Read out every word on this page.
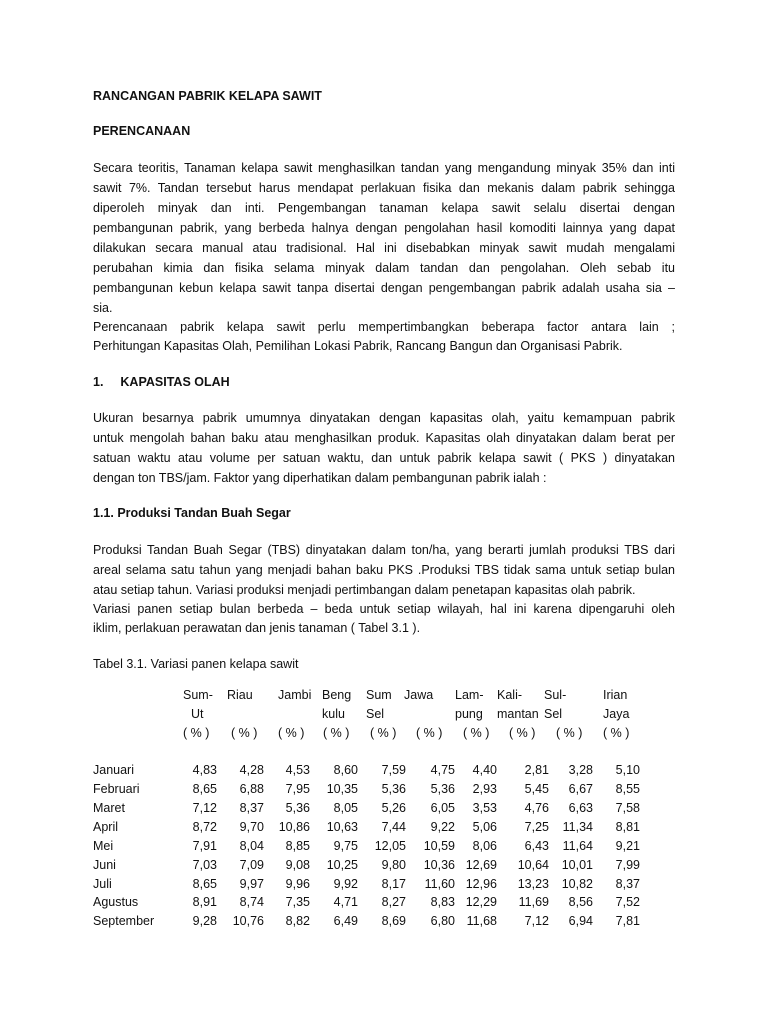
RANCANGAN PABRIK KELAPA SAWIT
PERENCANAAN
Secara teoritis, Tanaman kelapa sawit menghasilkan tandan yang mengandung minyak 35% dan inti
sawit 7%. Tandan tersebut harus mendapat perlakuan fisika dan mekanis dalam pabrik sehingga
diperoleh minyak dan inti. Pengembangan tanaman kelapa sawit selalu disertai dengan
pembangunan pabrik, yang berbeda halnya dengan pengolahan hasil komoditi lainnya yang dapat
dilakukan secara manual atau tradisional. Hal ini disebabkan minyak sawit mudah mengalami
perubahan kimia dan fisika selama minyak dalam tandan dan pengolahan. Oleh sebab itu
pembangunan kebun kelapa sawit tanpa disertai dengan pengembangan pabrik adalah usaha sia –
sia.
Perencanaan pabrik kelapa sawit perlu mempertimbangkan beberapa factor antara lain ;
Perhitungan Kapasitas Olah, Pemilihan Lokasi Pabrik, Rancang Bangun dan Organisasi Pabrik.
1. KAPASITAS OLAH
Ukuran besarnya pabrik umumnya dinyatakan dengan kapasitas olah, yaitu kemampuan pabrik
untuk mengolah bahan baku atau menghasilkan produk. Kapasitas olah dinyatakan dalam berat per
satuan waktu atau volume per satuan waktu, dan untuk pabrik kelapa sawit ( PKS ) dinyatakan
dengan ton TBS/jam. Faktor yang diperhatikan dalam pembangunan pabrik ialah :
1.1. Produksi Tandan Buah Segar
Produksi Tandan Buah Segar (TBS) dinyatakan dalam ton/ha, yang berarti jumlah produksi TBS dari
areal selama satu tahun yang menjadi bahan baku PKS .Produksi TBS tidak sama untuk setiap bulan
atau setiap tahun. Variasi produksi menjadi pertimbangan dalam penetapan kapasitas olah pabrik.
Variasi panen setiap bulan berbeda – beda untuk setiap wilayah, hal ini karena dipengaruhi oleh
iklim, perlakuan perawatan dan jenis tanaman ( Tabel 3.1 ).
Tabel 3.1. Variasi panen kelapa sawit
Sum- Riau Jambi Beng Sum Jawa Lam- Kali- Sul-	Irian
Ut	kulu Sel	pung mantan Sel	Jaya
( % ) ( % ) ( % ) ( % ) ( % ) ( % ) ( % ) ( % ) ( % ) ( % )
Januari	4,83	4,28	4,53	8,60	7,59	4,75	4,40	2,81	3,28	5,10
Februari	8,65	6,88	7,95	10,35	5,36	5,36	2,93	5,45	6,67	8,55
Maret	7,12	8,37	5,36	8,05	5,26	6,05	3,53	4,76	6,63	7,58
April	8,72	9,70	10,86	10,63	7,44	9,22	5,06	7,25	11,34	8,81
Mei	7,91	8,04	8,85	9,75	12,05	10,59	8,06	6,43	11,64	9,21
Juni	7,03	7,09	9,08	10,25	9,80	10,36 12,69	10,64	10,01	7,99
Juli	8,65	9,97	9,96	9,92	8,17	11,60 12,96	13,23	10,82	8,37
Agustus	8,91	8,74	7,35	4,71	8,27	8,83 12,29	11,69	8,56	7,52
September	9,28	10,76	8,82	6,49	8,69	6,80 11,68	7,12	6,94	7,81
